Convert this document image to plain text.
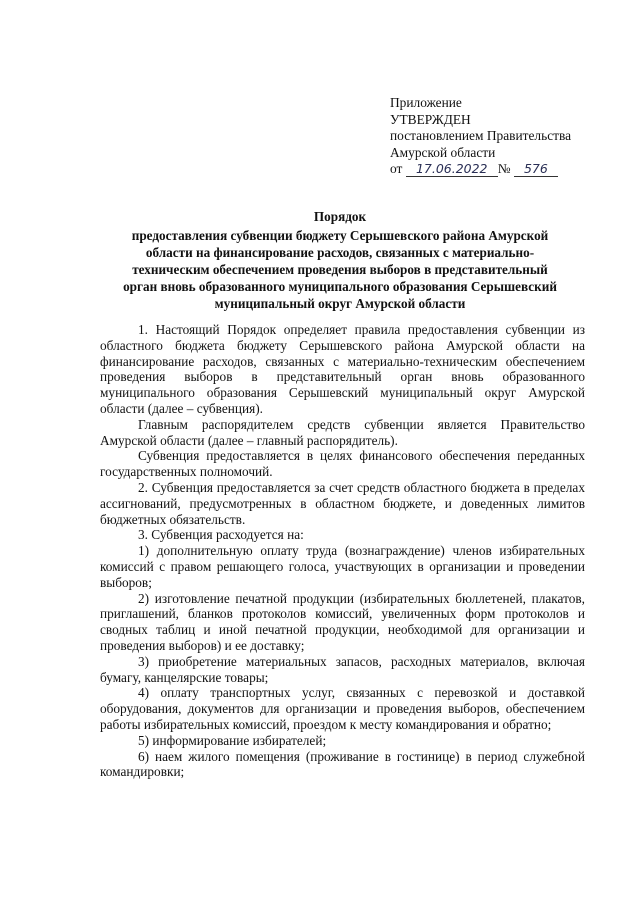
Приложение
УТВЕРЖДЕН
постановлением Правительства
Амурской области
от 17.06.2022 № 576
Порядок
предоставления субвенции бюджету Серышевского района Амурской
области на финансирование расходов, связанных с материально-
техническим обеспечением проведения выборов в представительный
орган вновь образованного муниципального образования Серышевский
муниципальный округ Амурской области

1. Настоящий Порядок определяет правила предоставления субвенции из областного бюджета бюджету Серышевского района Амурской области на финансирование расходов, связанных с материально-техническим обеспечением проведения выборов в представительный орган вновь образованного муниципального образования Серышевский муниципальный округ Амурской области (далее – субвенция).

Главным распорядителем средств субвенции является Правительство Амурской области (далее – главный распорядитель).

Субвенция предоставляется в целях финансового обеспечения переданных государственных полномочий.

2. Субвенция предоставляется за счет средств областного бюджета в пределах ассигнований, предусмотренных в областном бюджете, и доведенных лимитов бюджетных обязательств.

3. Субвенция расходуется на:

1) дополнительную оплату труда (вознаграждение) членов избирательных комиссий с правом решающего голоса, участвующих в организации и проведении выборов;

2) изготовление печатной продукции (избирательных бюллетеней, плакатов, приглашений, бланков протоколов комиссий, увеличенных форм протоколов и сводных таблиц и иной печатной продукции, необходимой для организации и проведения выборов) и ее доставку;

3) приобретение материальных запасов, расходных материалов, включая бумагу, канцелярские товары;

4) оплату транспортных услуг, связанных с перевозкой и доставкой оборудования, документов для организации и проведения выборов, обеспечением работы избирательных комиссий, проездом к месту командирования и обратно;

5) информирование избирателей;

6) наем жилого помещения (проживание в гостинице) в период служебной командировки;
